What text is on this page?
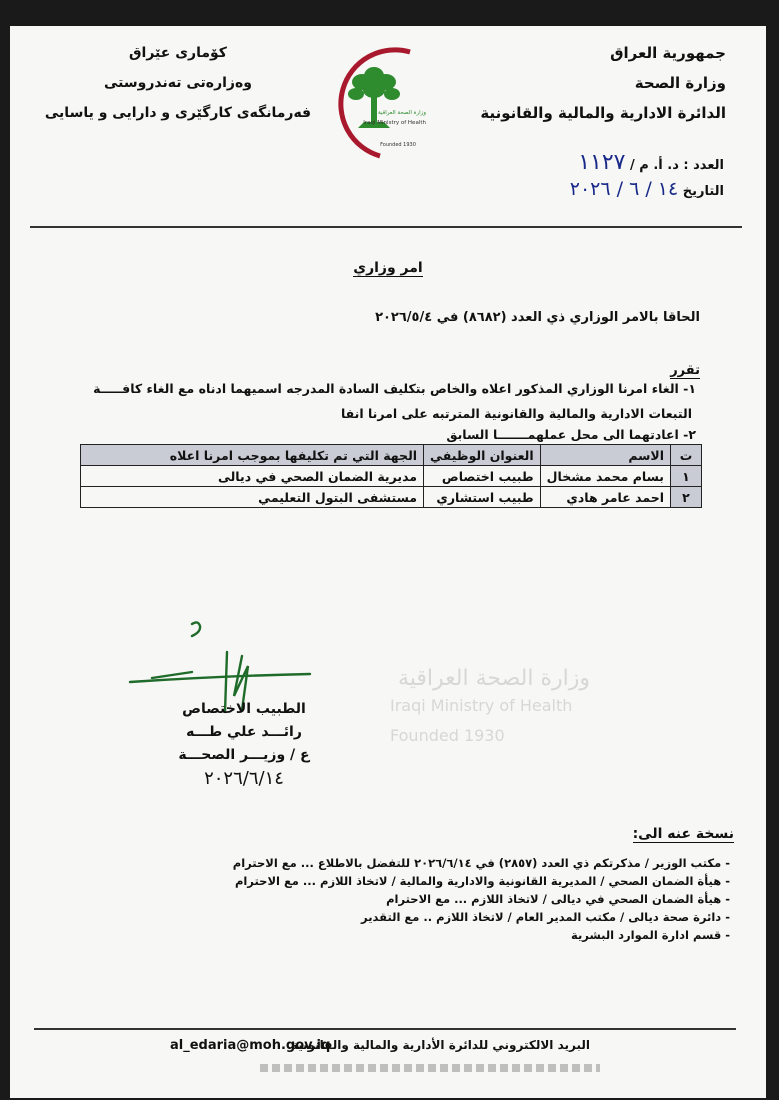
جمهورية العراق
وزارة الصحة
الدائرة الادارية والمالية والقانونية
كۆماری عێراق
وەزارەتی تەندروستی
فەرمانگەی كارگێری و دارایی و یاسایی	وزارة الصحة العراقية
Iraqi Ministry of Health
Founded 1930
العدد : د. أ. م / ١١٢٧
التاريخ ١٤ / ٦ / ٢٠٢٦
امر وزاري
الحاقا بالامر الوزاري ذي العدد (٨٦٨٢) في ٢٠٢٦/٥/٤
تقرر
١- الغاء امرنا الوزاري المذكور اعلاه والخاص بتكليف السادة المدرجه اسميهما ادناه مع الغاء كافـــــة
التبعات الادارية والمالية والقانونية المترتبه على امرنا انفا
٢- اعادتهما الى محل عملهمـــــــا السابق
ت	الاسم	العنوان الوظيفي	الجهة التي تم تكليفها بموجب امرنا اعلاه
١	بسام محمد مشخال	طبيب اختصاص	مديرية الضمان الصحي في ديالى
٢	احمد عامر هادي	طبيب استشاري	مستشفى البتول التعليمي
وزارة الصحة العراقية
Iraqi Ministry of Health
Founded 1930
الطبيب الاختصاص
رائـــد علي طـــه
ع / وزيـــر الصحـــة
٢٠٢٦/٦/١٤
نسخة عنه الى:
- مكتب الوزير / مذكرتكم ذي العدد (٢٨٥٧) في ٢٠٢٦/٦/١٤ للتفضل بالاطلاع ... مع الاحترام
- هيأة الضمان الصحي / المديرية القانونية والادارية والمالية / لاتخاذ اللازم ... مع الاحترام
- هيأة الضمان الصحي في ديالى / لاتخاذ اللازم ... مع الاحترام
- دائرة صحة ديالى / مكتب المدير العام / لاتخاذ اللازم .. مع التقدير
- قسم ادارة الموارد البشرية
البريد الالكتروني للدائرة الأدارية والمالية والقانونية
al_edaria@moh.gov.iq
